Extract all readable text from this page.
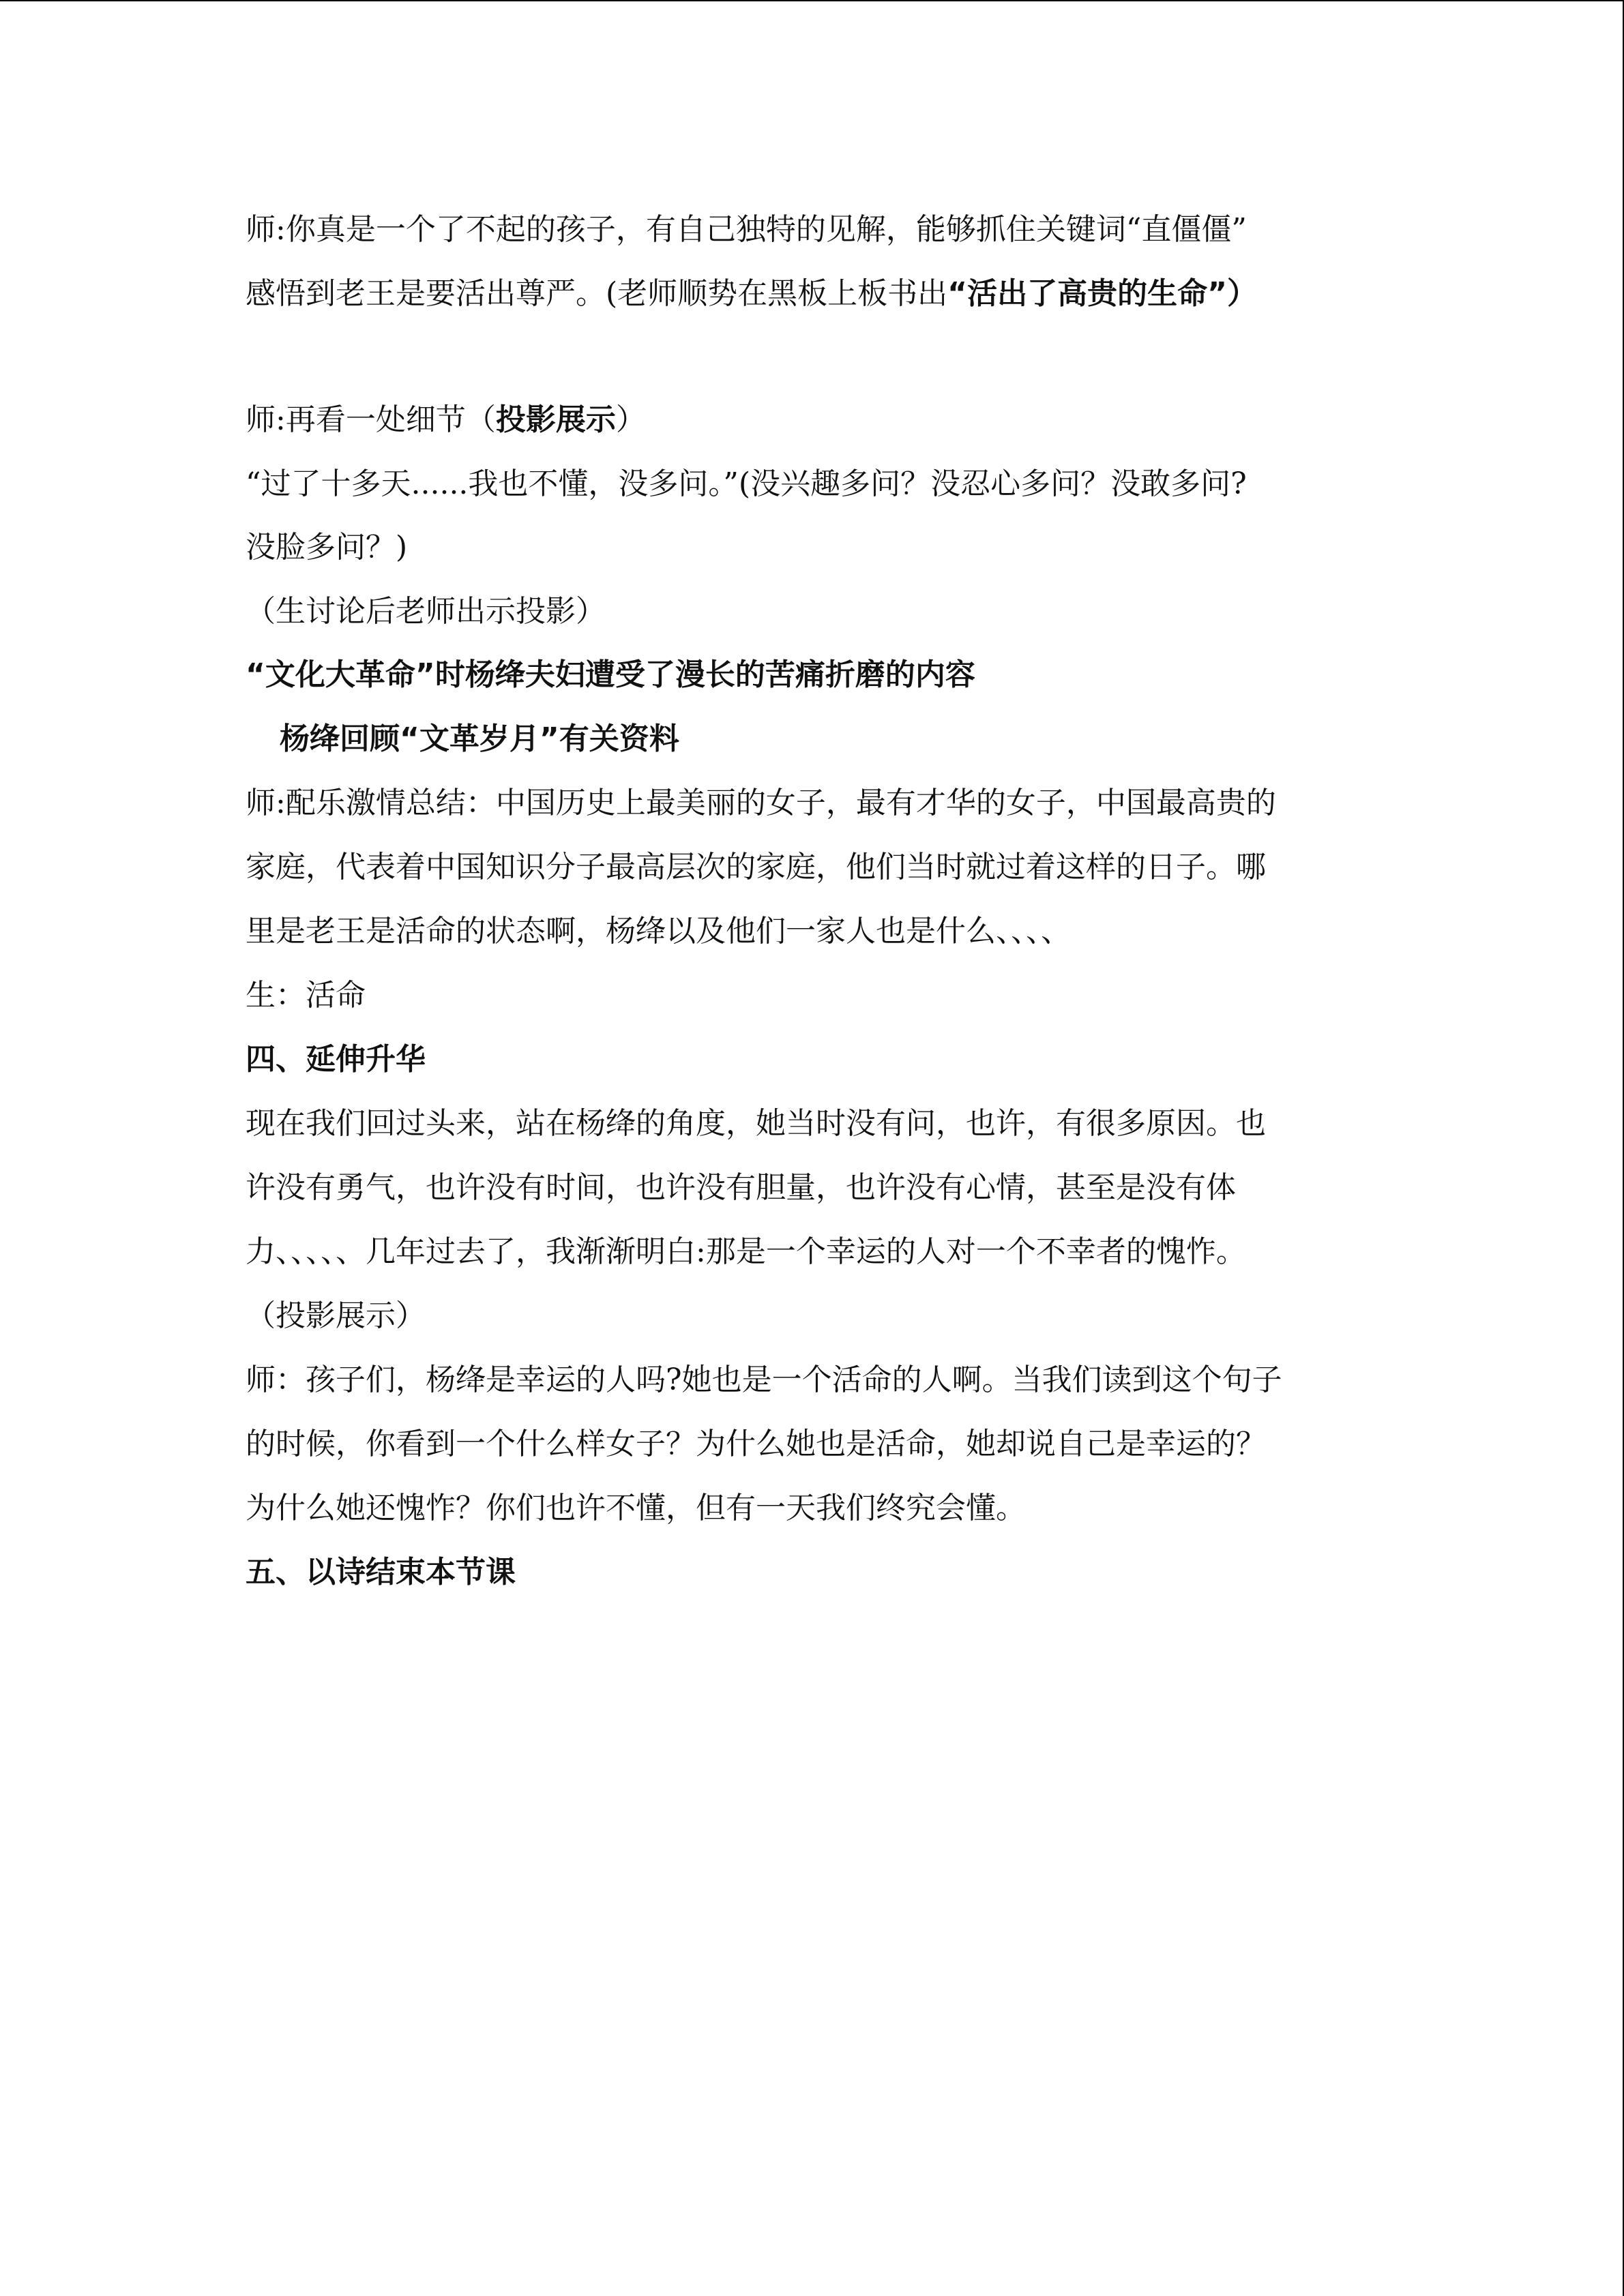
师:你真是一个了不起的孩子，有自己独特的见解，能够抓住关键词“直僵僵”
感悟到老王是要活出尊严。(老师顺势在黑板上板书出“活出了高贵的生命”）
师:再看一处细节（投影展示）
“过了十多天......我也不懂，没多问。”(没兴趣多问？没忍心多问？没敢多问?
没脸多问？)
（生讨论后老师出示投影）
“文化大革命”时杨绛夫妇遭受了漫长的苦痛折磨的内容
杨绛回顾“文革岁月”有关资料
师:配乐激情总结：中国历史上最美丽的女子，最有才华的女子，中国最高贵的
家庭，代表着中国知识分子最高层次的家庭，他们当时就过着这样的日子。哪
里是老王是活命的状态啊，杨绛以及他们一家人也是什么、、、、
生：活命
四、延伸升华
现在我们回过头来，站在杨绛的角度，她当时没有问，也许，有很多原因。也
许没有勇气，也许没有时间，也许没有胆量，也许没有心情，甚至是没有体
力、、、、、几年过去了，我渐渐明白:那是一个幸运的人对一个不幸者的愧怍。
（投影展示）
师：孩子们，杨绛是幸运的人吗?她也是一个活命的人啊。当我们读到这个句子
的时候，你看到一个什么样女子？为什么她也是活命，她却说自己是幸运的？
为什么她还愧怍？你们也许不懂，但有一天我们终究会懂。
五、以诗结束本节课
